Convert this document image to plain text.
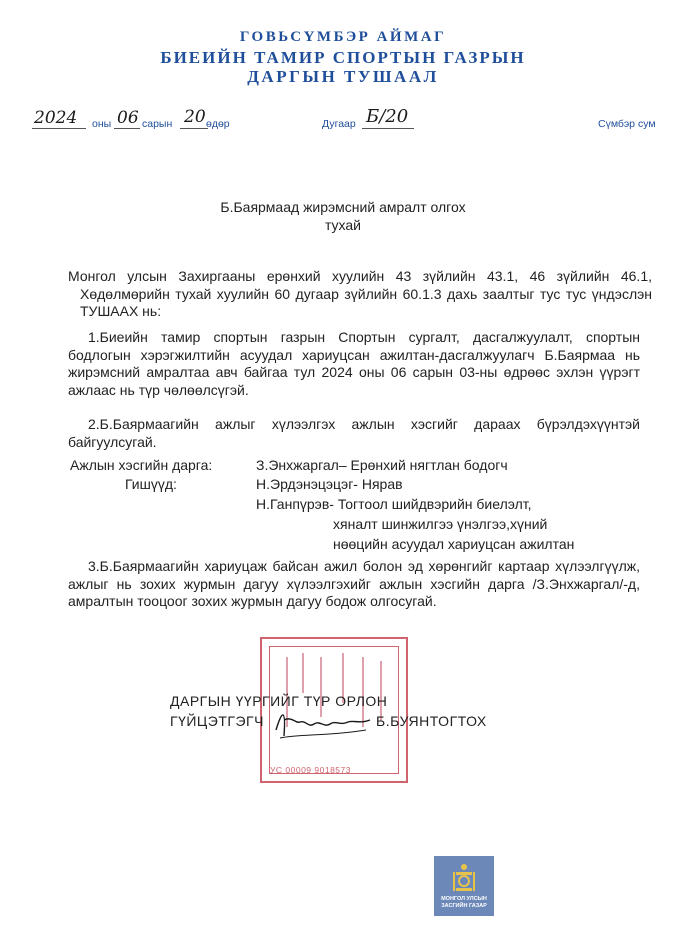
ГОВЬСҮМБЭР АЙМАГ
БИЕИЙН ТАМИР СПОРТЫН ГАЗРЫН
ДАРГЫН ТУШААЛ
2024 оны 06 сарын 20 өдөр	Дугаар Б/20	Сүмбэр сум
Б.Баярмаад жирэмсний амралт олгох
тухай
Монгол улсын Захиргааны ерөнхий хуулийн 43 зүйлийн 43.1, 46 зүйлийн 46.1, Хөдөлмөрийн тухай хуулийн 60 дугаар зүйлийн 60.1.3 дахь заалтыг тус тус үндэслэн ТУШААХ нь:
1.Биеийн тамир спортын газрын Спортын сургалт, дасгалжуулалт, спортын бодлогын хэрэгжилтийн асуудал хариуцсан ажилтан-дасгалжуулагч Б.Баярмаа нь жирэмсний амралтаа авч байгаа тул 2024 оны 06 сарын 03-ны өдрөөс эхлэн үүрэгт ажлаас нь түр чөлөөлсүгэй.
2.Б.Баярмаагийн ажлыг хүлээлгэх ажлын хэсгийг дараах бүрэлдэхүүнтэй байгуулсугай.
Ажлын хэсгийн дарга:	З.Энхжаргал– Ерөнхий нягтлан бодогч
Гишүүд:	Н.Эрдэнэцэцэг- Нярав
Н.Ганпүрэв- Тогтоол шийдвэрийн биелэлт,
хяналт шинжилгээ үнэлгээ,хүний
нөөцийн асуудал хариуцсан ажилтан
3.Б.Баярмаагийн хариуцаж байсан ажил болон эд хөрөнгийг картаар хүлээлгүүлж, ажлыг нь зохих журмын дагуу хүлээлгэхийг ажлын хэсгийн дарга /З.Энхжаргал/-д, амралтын тооцоог зохих журмын дагуу бодож олгосугай.
УС 00009 9018573
ДАРГЫН ҮҮРГИЙГ ТҮР ОРЛОН
ГҮЙЦЭТГЭГЧ	Б.БУЯНТОГТОХ
МОНГОЛ УЛСЫН
ЗАСГИЙН ГАЗАР
